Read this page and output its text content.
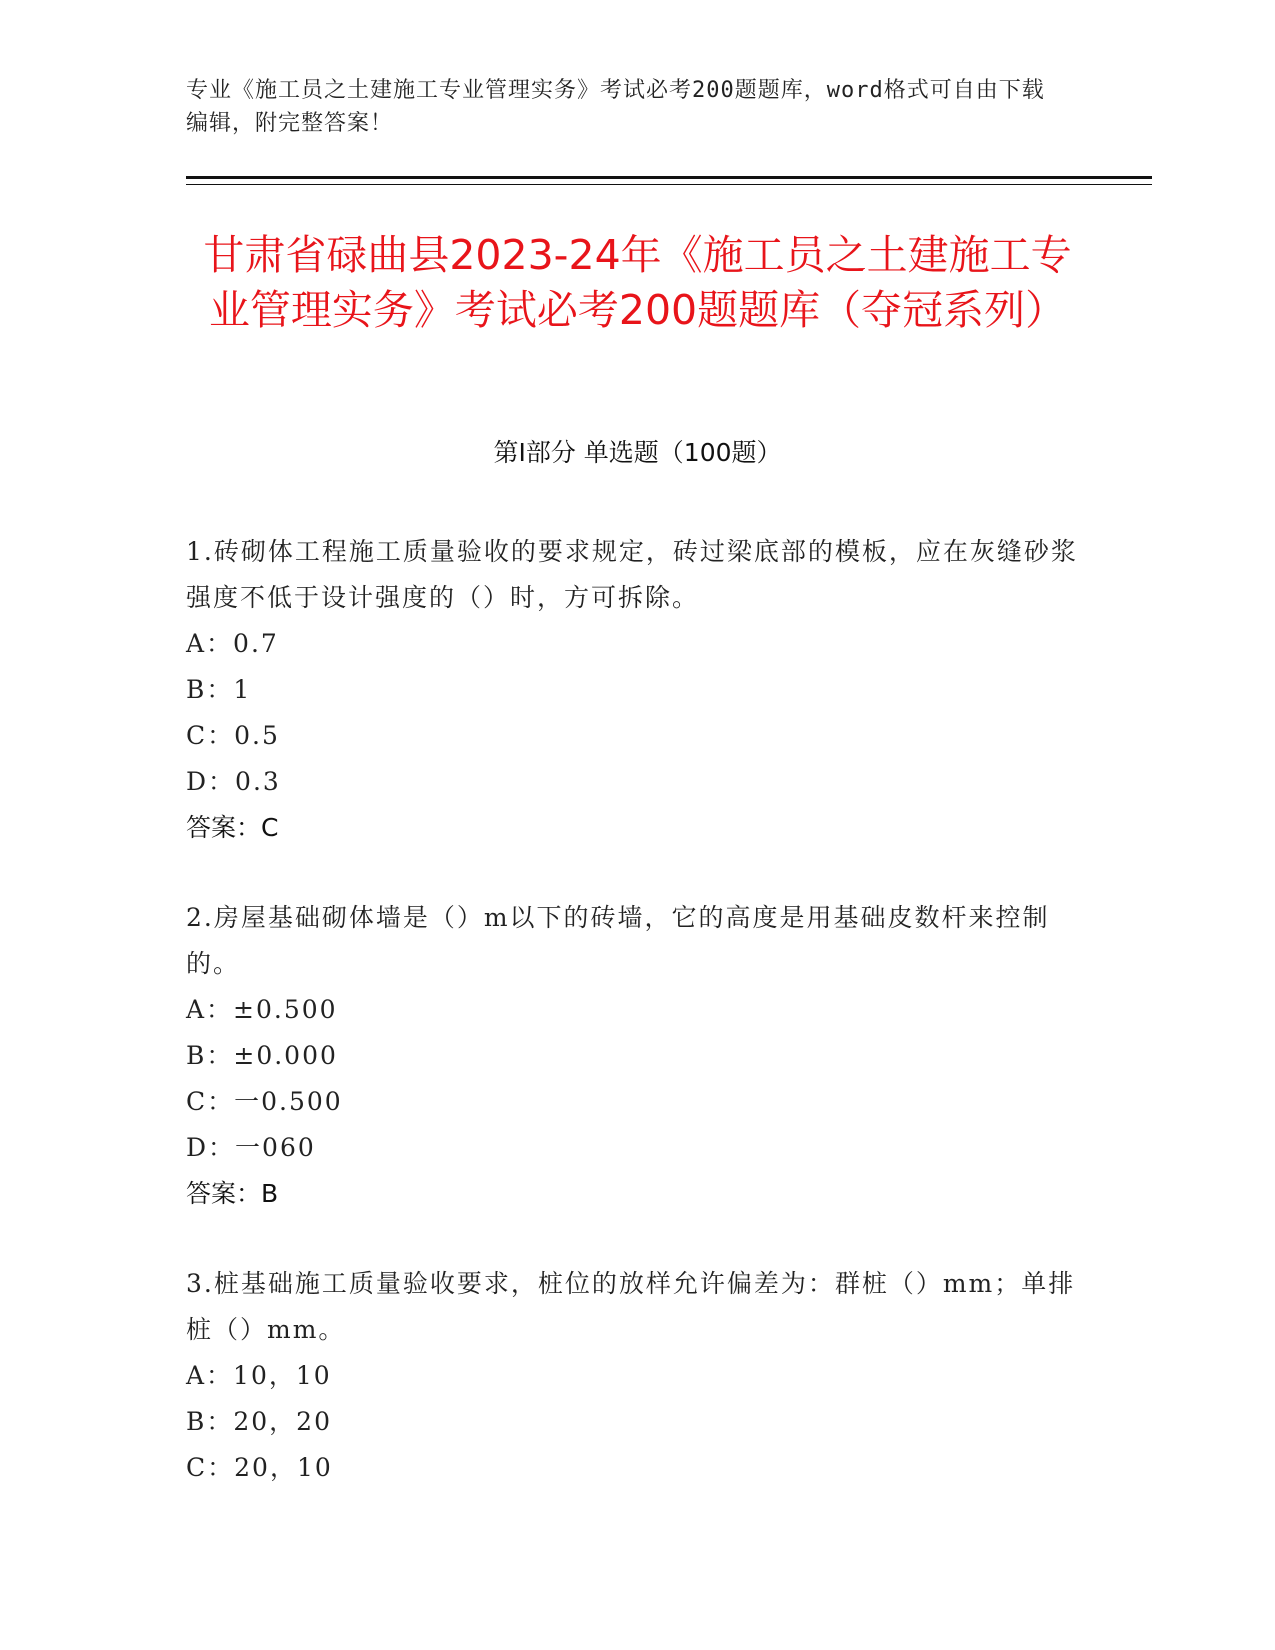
专业《施工员之土建施工专业管理实务》考试必考200题题库，word格式可自由下载编辑，附完整答案！
甘肃省碌曲县2023-24年《施工员之土建施工专业管理实务》考试必考200题题库（夺冠系列）
第I部分 单选题（100题）
1.砖砌体工程施工质量验收的要求规定，砖过梁底部的模板，应在灰缝砂浆强度不低于设计强度的（）时，方可拆除。
A：0.7
B：1
C：0.5
D：0.3
答案：C
2.房屋基础砌体墙是（）m以下的砖墙，它的高度是用基础皮数杆来控制的。
A：±0.500
B：±0.000
C：一0.500
D：一060
答案：B
3.桩基础施工质量验收要求，桩位的放样允许偏差为：群桩（）mm；单排桩（）mm。
A：10，10
B：20，20
C：20，10
